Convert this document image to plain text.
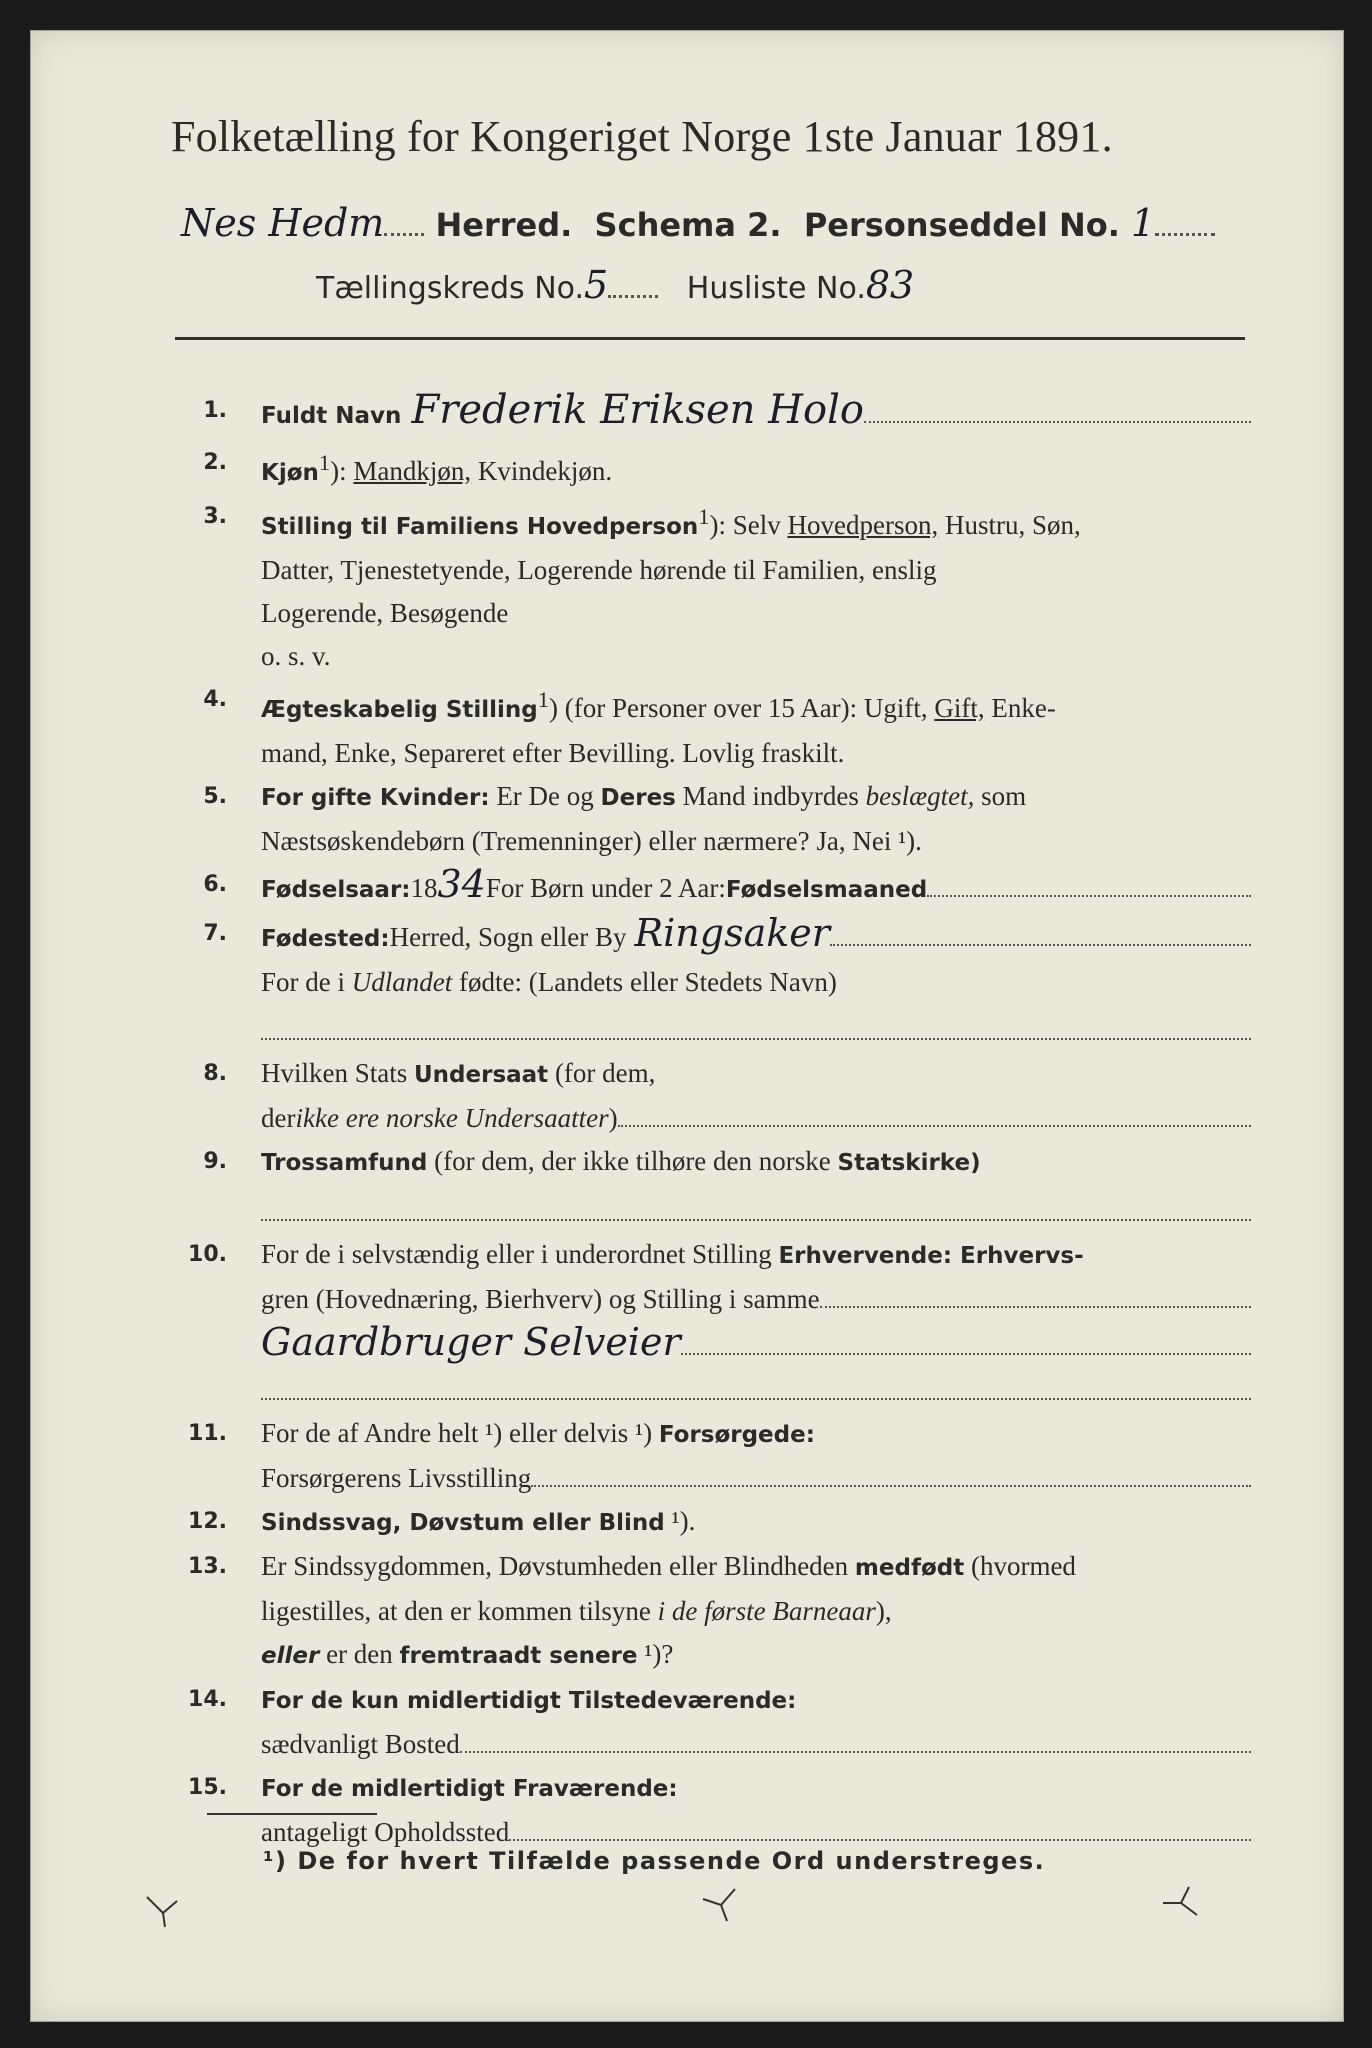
Folketælling for Kongeriget Norge 1ste Januar 1891.
Nes Hedm Herred. Schema 2. Personseddel No. 1
Tællingskreds No.5	Husliste No.83
1. Fuldt Navn Frederik Eriksen Holo
2. Kjøn$^1$): Mandkjøn, Kvindekjøn.
3. Stilling til Familiens Hovedperson$^1$): Selv Hovedperson, Hustru, Søn,
Datter, Tjenestetyende, Logerende hørende til Familien, enslig
Logerende, Besøgende
o. s. v.
4. Ægteskabelig Stilling$^1$) (for Personer over 15 Aar): Ugift, Gift, Enke-
mand, Enke, Separeret efter Bevilling. Lovlig fraskilt.
5. For gifte Kvinder: Er De og Deres Mand indbyrdes beslægtet, som
Næstsøskendebørn (Tremenninger) eller nærmere? Ja, Nei ¹).
6. Fødselsaar: 18 34 For Børn under 2 Aar: Fødselsmaaned
7. Fødested: Herred, Sogn eller By Ringsaker
For de i Udlandet fødte: (Landets eller Stedets Navn)
8. Hvilken Stats Undersaat (for dem,
der ikke ere norske Undersaatter )
9. Trossamfund (for dem, der ikke tilhøre den norske Statskirke)
10. For de i selvstændig eller i underordnet Stilling Erhvervende: Erhvervs-
gren (Hovednæring, Bierhverv) og Stilling i samme
Gaardbruger Selveier
11. For de af Andre helt ¹) eller delvis ¹) Forsørgede:
Forsørgerens Livsstilling
12. Sindssvag, Døvstum eller Blind ¹).
13. Er Sindssygdommen, Døvstumheden eller Blindheden medfødt (hvormed
ligestilles, at den er kommen tilsyne i de første Barneaar),
eller er den fremtraadt senere ¹)?
14. For de kun midlertidigt Tilstedeværende:
sædvanligt Bosted
15. For de midlertidigt Fraværende:
antageligt Opholdssted
¹) De for hvert Tilfælde passende Ord understreges.
